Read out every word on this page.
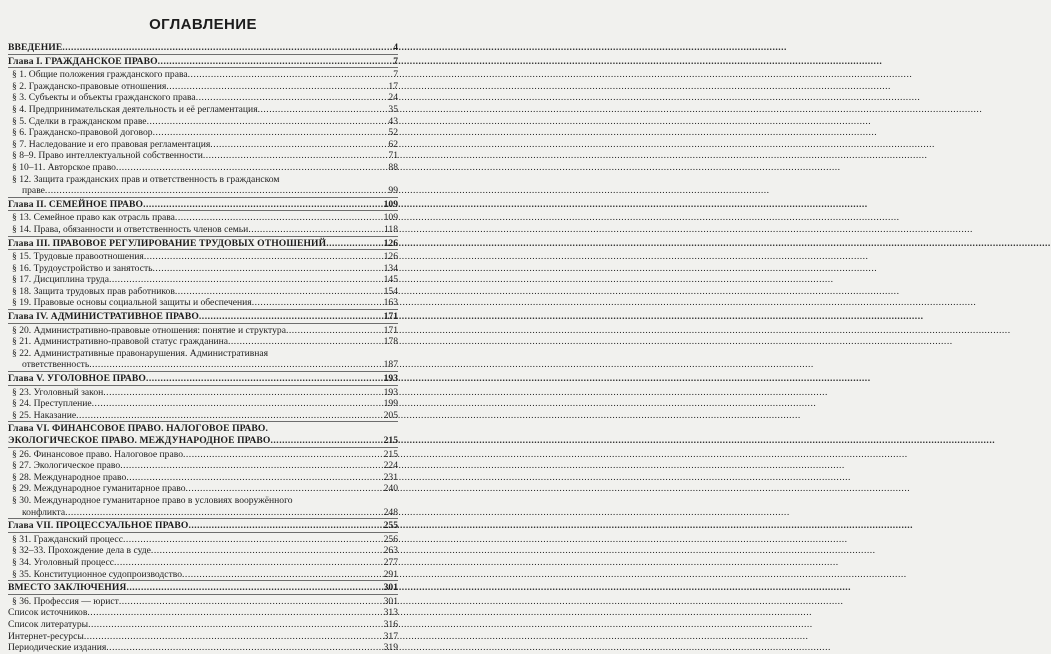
ОГЛАВЛЕНИЕ
ВВЕДЕНИЕ .....	4
Глава I. ГРАЖДАНСКОЕ ПРАВО .....	7
§ 1. Общие положения гражданского права .....	7
§ 2. Гражданско-правовые отношения .....	17
§ 3. Субъекты и объекты гражданского права .....	24
§ 4. Предпринимательская деятельность и её регламентация .....	35
§ 5. Сделки в гражданском праве .....	43
§ 6. Гражданско-правовой договор .....	52
§ 7. Наследование и его правовая регламентация .....	62
§ 8–9. Право интеллектуальной собственности .....	71
§ 10–11. Авторское право .....	88
§ 12. Защита гражданских прав и ответственность в гражданском
праве .....	99
Глава II. СЕМЕЙНОЕ ПРАВО .....	109
§ 13. Семейное право как отрасль права .....	109
§ 14. Права, обязанности и ответственность членов семьи .....	118
Глава III. ПРАВОВОЕ РЕГУЛИРОВАНИЕ ТРУДОВЫХ ОТНОШЕНИЙ .....	126
§ 15. Трудовые правоотношения .....	126
§ 16. Трудоустройство и занятость .....	134
§ 17. Дисциплина труда .....	145
§ 18. Защита трудовых прав работников .....	154
§ 19. Правовые основы социальной защиты и обеспечения .....	163
Глава IV. АДМИНИСТРАТИВНОЕ ПРАВО .....	171
§ 20. Административно-правовые отношения: понятие и структура .....	171
§ 21. Административно-правовой статус гражданина .....	178
§ 22. Административные правонарушения. Административная
ответственность .....	187
Глава V. УГОЛОВНОЕ ПРАВО .....	193
§ 23. Уголовный закон .....	193
§ 24. Преступление .....	199
§ 25. Наказание .....	205
Глава VI. ФИНАНСОВОЕ ПРАВО. НАЛОГОВОЕ ПРАВО.
ЭКОЛОГИЧЕСКОЕ ПРАВО. МЕЖДУНАРОДНОЕ ПРАВО .....	215
§ 26. Финансовое право. Налоговое право .....	215
§ 27. Экологическое право .....	224
§ 28. Международное право .....	231
§ 29. Международное гуманитарное право .....	240
§ 30. Международное гуманитарное право в условиях вооружённого
конфликта .....	248
Глава VII. ПРОЦЕССУАЛЬНОЕ ПРАВО .....	255
§ 31. Гражданский процесс .....	256
§ 32–33. Прохождение дела в суде .....	263
§ 34. Уголовный процесс .....	277
§ 35. Конституционное судопроизводство .....	291
ВМЕСТО ЗАКЛЮЧЕНИЯ .....	301
§ 36. Профессия — юрист .....	301
Список источников .....	313
Список литературы .....	316
Интернет-ресурсы .....	317
Периодические издания .....	319
